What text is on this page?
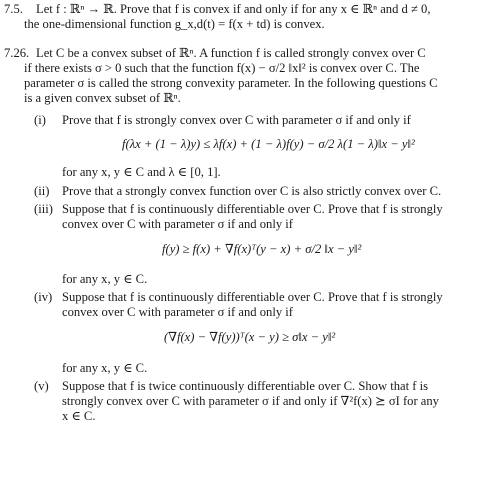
7.5. Let f : ℝⁿ → ℝ. Prove that f is convex if and only if for any x ∈ ℝⁿ and d ≠ 0,
the one-dimensional function g_x,d(t) = f(x + td) is convex.
7.26. Let C be a convex subset of ℝⁿ. A function f is called strongly convex over C
if there exists σ > 0 such that the function f(x) − σ/2 ‖x‖² is convex over C. The
parameter σ is called the strong convexity parameter. In the following questions C
is a given convex subset of ℝⁿ.
(i) Prove that f is strongly convex over C with parameter σ if and only if
f(λx + (1 − λ)y) ≤ λf(x) + (1 − λ)f(y) − σ/2 λ(1 − λ)‖x − y‖²
for any x, y ∈ C and λ ∈ [0, 1].
(ii) Prove that a strongly convex function over C is also strictly convex over C.
(iii) Suppose that f is continuously differentiable over C. Prove that f is strongly
convex over C with parameter σ if and only if
f(y) ≥ f(x) + ∇f(x)ᵀ(y − x) + σ/2 ‖x − y‖²
for any x, y ∈ C.
(iv) Suppose that f is continuously differentiable over C. Prove that f is strongly
convex over C with parameter σ if and only if
(∇f(x) − ∇f(y))ᵀ(x − y) ≥ σ‖x − y‖²
for any x, y ∈ C.
(v) Suppose that f is twice continuously differentiable over C. Show that f is
strongly convex over C with parameter σ if and only if ∇²f(x) ⪰ σI for any
x ∈ C.
